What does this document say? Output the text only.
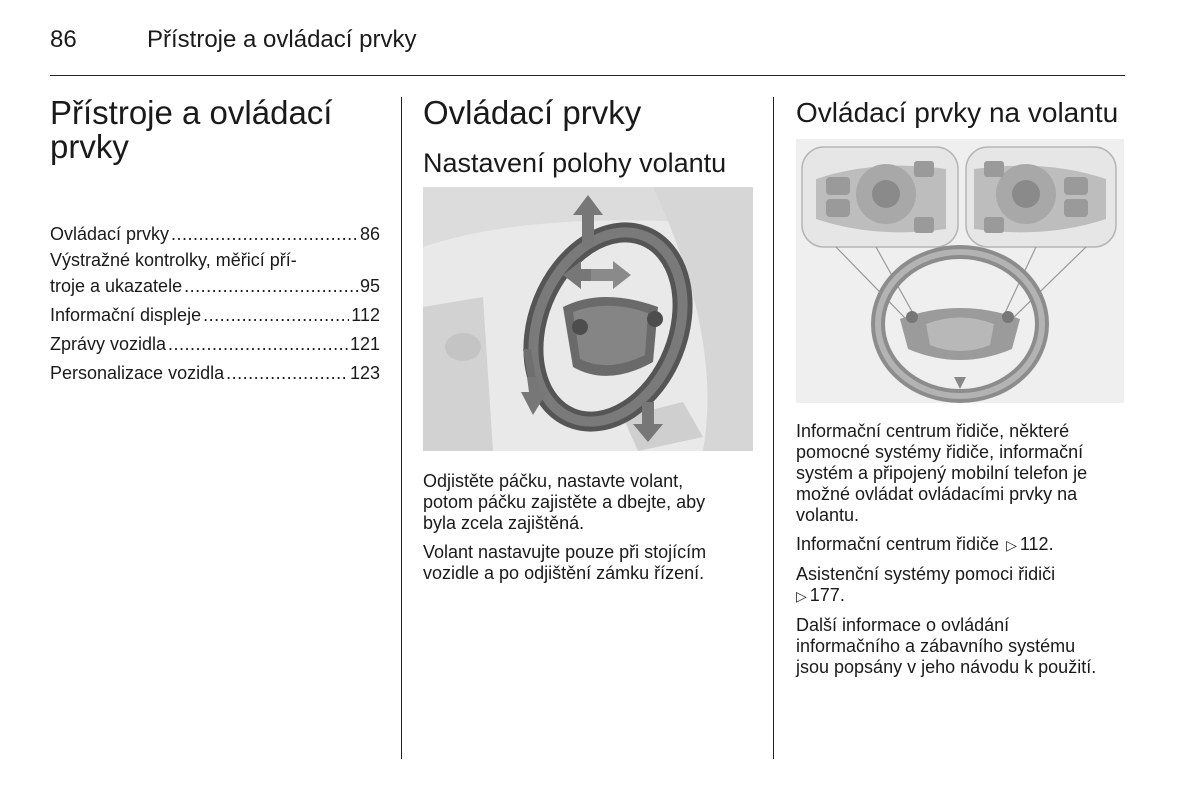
86	Přístroje a ovládací prvky
Přístroje a ovládací
prvky
Ovládací prvky .....	86
Výstražné kontrolky, měřicí pří-
troje a ukazatele .....	95
Informační displeje .....	112
Zprávy vozidla .....	121
Personalizace vozidla .....	123
Ovládací prvky
Nastavení polohy volantu

Odjistěte páčku, nastavte volant,
potom páčku zajistěte a dbejte, aby
byla zcela zajištěná.

Volant nastavujte pouze při stojícím
vozidle a po odjištění zámku řízení.

Ovládací prvky na volantu

Informační centrum řidiče, některé
pomocné systémy řidiče, informační
systém a připojený mobilní telefon je
možné ovládat ovládacími prvky na
volantu.

Informační centrum řidiče ▷ 112.

Asistenční systémy pomoci řidiči
▷ 177.

Další informace o ovládání
informačního a zábavního systému
jsou popsány v jeho návodu k použití.
